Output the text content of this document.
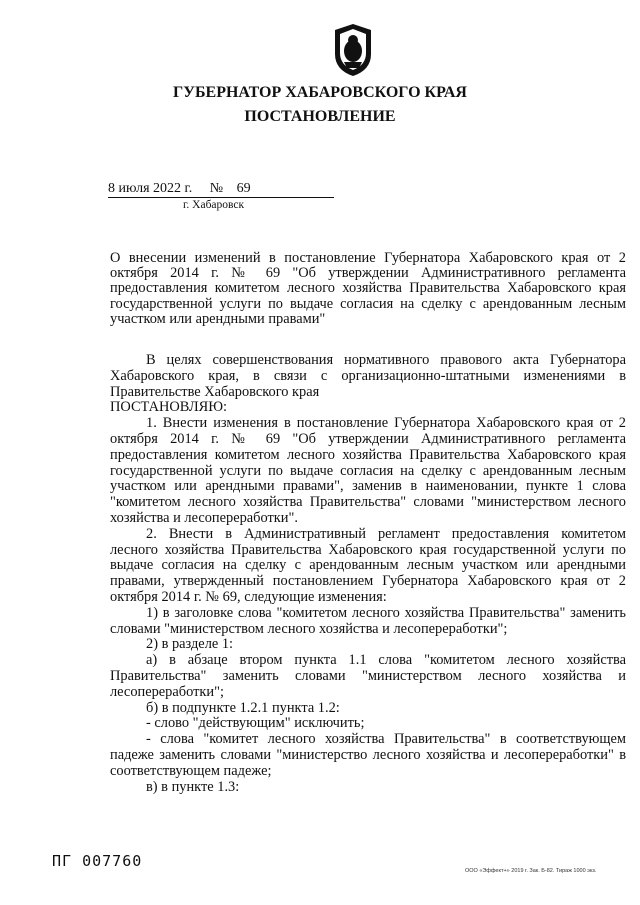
ГУБЕРНАТОР ХАБАРОВСКОГО КРАЯ
ПОСТАНОВЛЕНИЕ
8 июля 2022 г. № 69
г. Хабаровск
О внесении изменений в постановление Губернатора Хабаровского края от 2 октября 2014 г. № 69 "Об утверждении Административного регламента предоставления комитетом лесного хозяйства Правительства Хабаровского края государственной услуги по выдаче согласия на сделку с арендованным лесным участком или арендными правами"

В целях совершенствования нормативного правового акта Губернатора Хабаровского края, в связи с организационно-штатными изменениями в Правительстве Хабаровского края

ПОСТАНОВЛЯЮ:

1. Внести изменения в постановление Губернатора Хабаровского края от 2 октября 2014 г. № 69 "Об утверждении Административного регламента предоставления комитетом лесного хозяйства Правительства Хабаровского края государственной услуги по выдаче согласия на сделку с арендованным лесным участком или арендными правами", заменив в наименовании, пункте 1 слова "комитетом лесного хозяйства Правительства" словами "министерством лесного хозяйства и лесопереработки".

2. Внести в Административный регламент предоставления комитетом лесного хозяйства Правительства Хабаровского края государственной услуги по выдаче согласия на сделку с арендованным лесным участком или арендными правами, утвержденный постановлением Губернатора Хабаровского края от 2 октября 2014 г. № 69, следующие изменения:

1) в заголовке слова "комитетом лесного хозяйства Правительства" заменить словами "министерством лесного хозяйства и лесопереработки";

2) в разделе 1:

а) в абзаце втором пункта 1.1 слова "комитетом лесного хозяйства Правительства" заменить словами "министерством лесного хозяйства и лесопереработки";

б) в подпункте 1.2.1 пункта 1.2:

- слово "действующим" исключить;

- слова "комитет лесного хозяйства Правительства" в соответствующем падеже заменить словами "министерство лесного хозяйства и лесопереработки" в соответствующем падеже;

в) в пункте 1.3:

ПГ 007760
ООО «Эффект+» 2019 г. Зак. Б-82. Тираж 1000 экз.
